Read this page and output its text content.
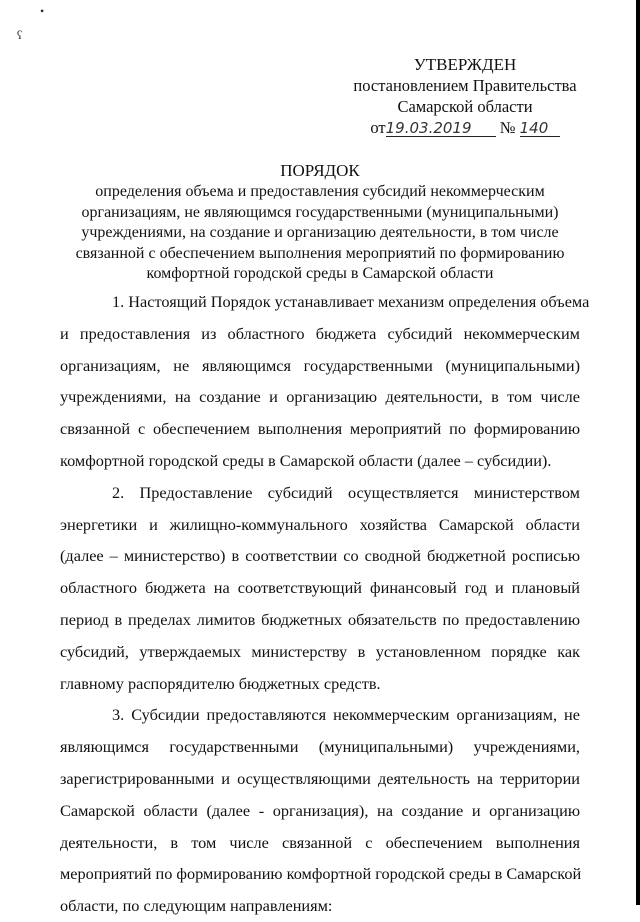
•
ʕ
УТВЕРЖДЕН
постановлением Правительства
Самарской области
от19.03.2019 № 140
ПОРЯДОК
определения объема и предоставления субсидий некоммерческим
организациям, не являющимся государственными (муниципальными)
учреждениями, на создание и организацию деятельности, в том числе
связанной с обеспечением выполнения мероприятий по формированию
комфортной городской среды в Самарской области
1. Настоящий Порядок устанавливает механизм определения объема
и предоставления из областного бюджета субсидий некоммерческим
организациям, не являющимся государственными (муниципальными)
учреждениями, на создание и организацию деятельности, в том числе
связанной с обеспечением выполнения мероприятий по формированию
комфортной городской среды в Самарской области (далее – субсидии).
2. Предоставление субсидий осуществляется министерством
энергетики и жилищно-коммунального хозяйства Самарской области
(далее – министерство) в соответствии со сводной бюджетной росписью
областного бюджета на соответствующий финансовый год и плановый
период в пределах лимитов бюджетных обязательств по предоставлению
субсидий, утверждаемых министерству в установленном порядке как
главному распорядителю бюджетных средств.
3. Субсидии предоставляются некоммерческим организациям, не
являющимся государственными (муниципальными) учреждениями,
зарегистрированными и осуществляющими деятельность на территории
Самарской области (далее - организация), на создание и организацию
деятельности, в том числе связанной с обеспечением выполнения
мероприятий по формированию комфортной городской среды в Самарской
области, по следующим направлениям:
